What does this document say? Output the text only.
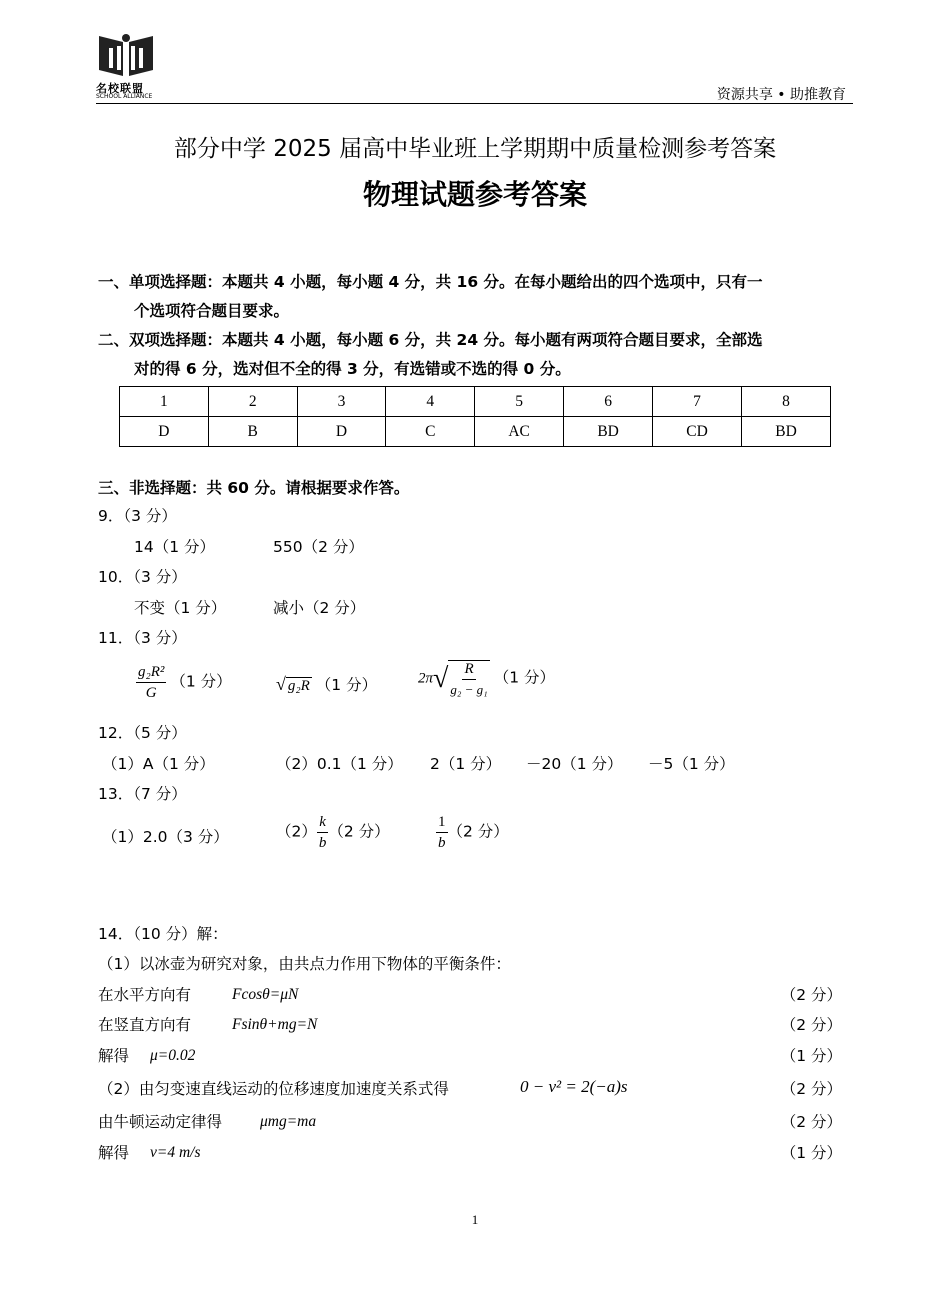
名校联盟
SCHOOL ALLIANCE	资源共享 • 助推教育
部分中学 2025 届高中毕业班上学期期中质量检测参考答案
物理试题参考答案
一、单项选择题：本题共 4 小题，每小题 4 分，共 16 分。在每小题给出的四个选项中，只有一
个选项符合题目要求。
二、双项选择题：本题共 4 小题，每小题 6 分，共 24 分。每小题有两项符合题目要求，全部选
对的得 6 分，选对但不全的得 3 分，有选错或不选的得 0 分。
1	2	3	4	5	6	7	8
D	B	D	C	AC	BD	CD	BD
三、非选择题：共 60 分。请根据要求作答。
9．（3 分）
14（1 分）	550（2 分）
10．（3 分）
不变（1 分）	减小（2 分）
11．（3 分）
$\frac{\text{g₂R²}}{G} (1$ 分） √ g₂R （1 分）	$2\pi√ \frac{R}{\text{g₂ − g₁}} (1$ 分）
12．（5 分）
（1）A（1 分）	（2）0.1（1 分） 2（1 分） －20（1 分） －5（1 分）
13．（7 分）
（1）2.0（3 分）	$(2) \frac{k}{b} (2$ 分）	$\frac{1}{b} (2$ 分）
14．（10 分）解：
（1）以冰壶为研究对象，由共点力作用下物体的平衡条件：
在水平方向有	Fcosθ=μN	（2 分）
在竖直方向有	Fsinθ+mg=N	（2 分）
解得 μ=0.02	（1 分）
（2）由匀变速直线运动的位移速度加速度关系式得	0 − v² = 2(−a)s	（2 分）
由牛顿运动定律得 μmg=ma	（2 分）
解得 v=4 m/s	（1 分）
1
